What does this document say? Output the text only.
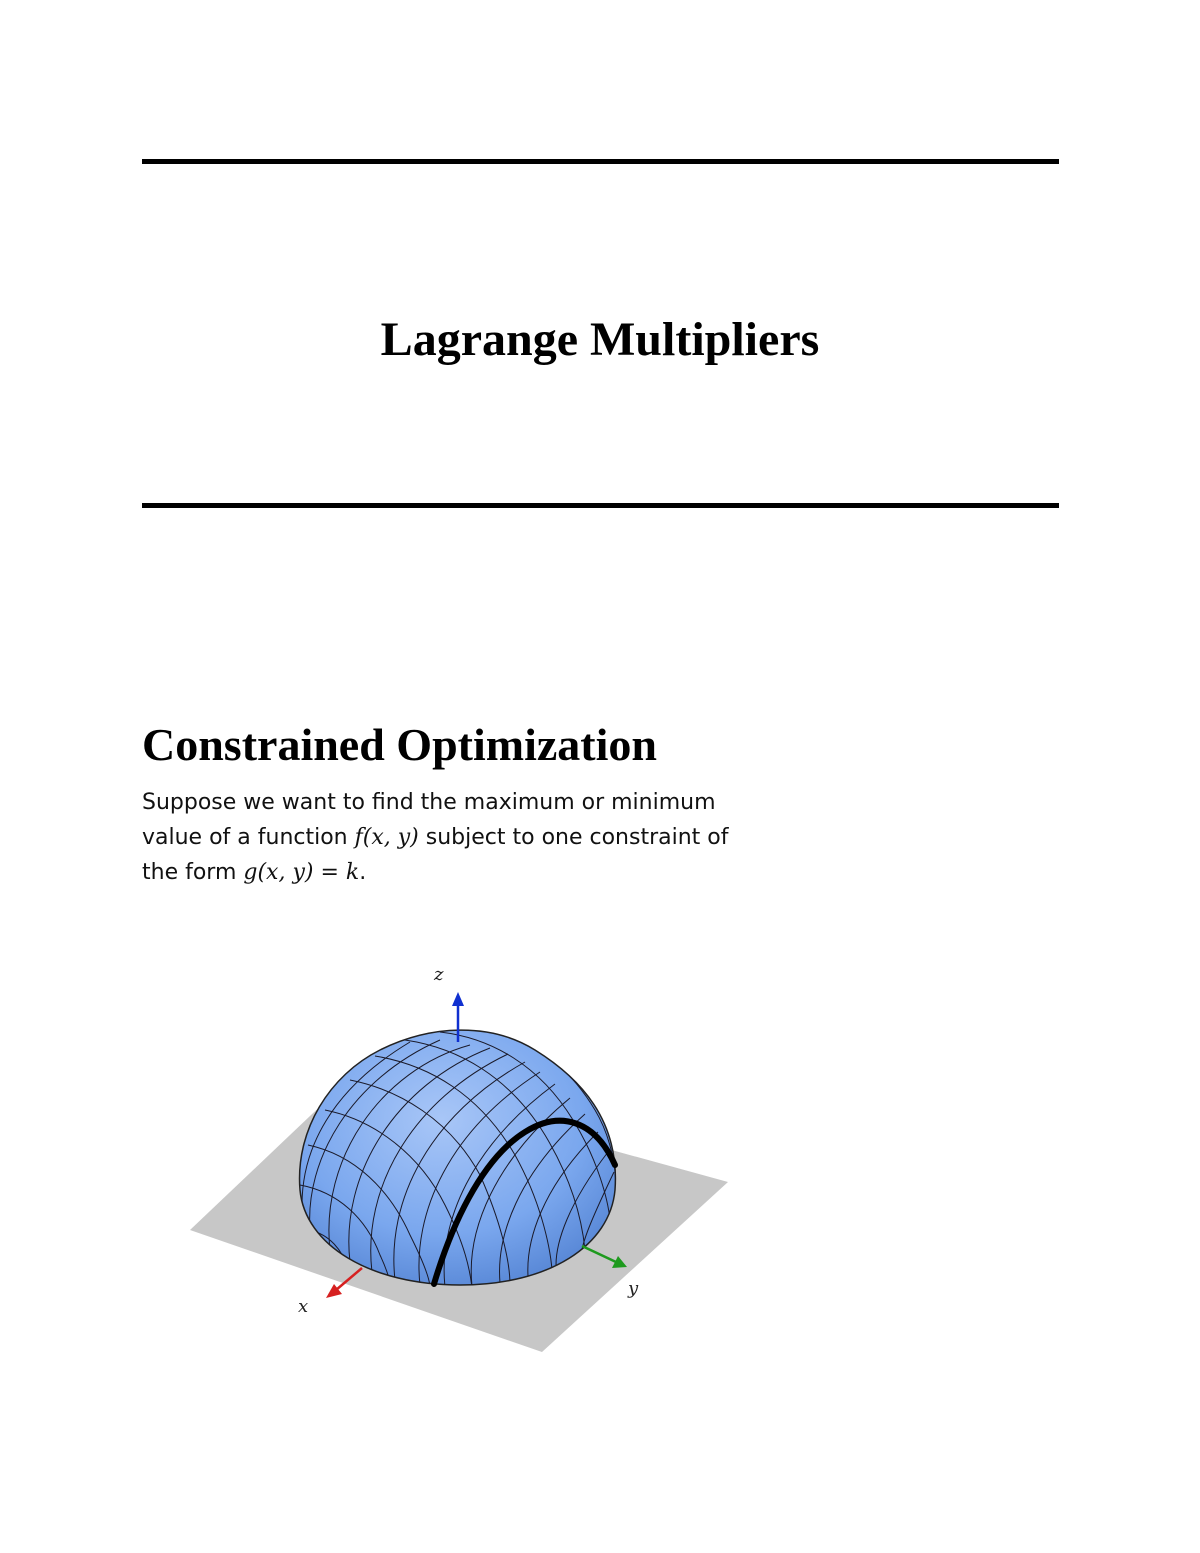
Lagrange Multipliers
Constrained Optimization

Suppose we want to find the maximum or minimum
value of a function f(x, y) subject to one constraint of
the form g(x, y) = k.

z
x
y
